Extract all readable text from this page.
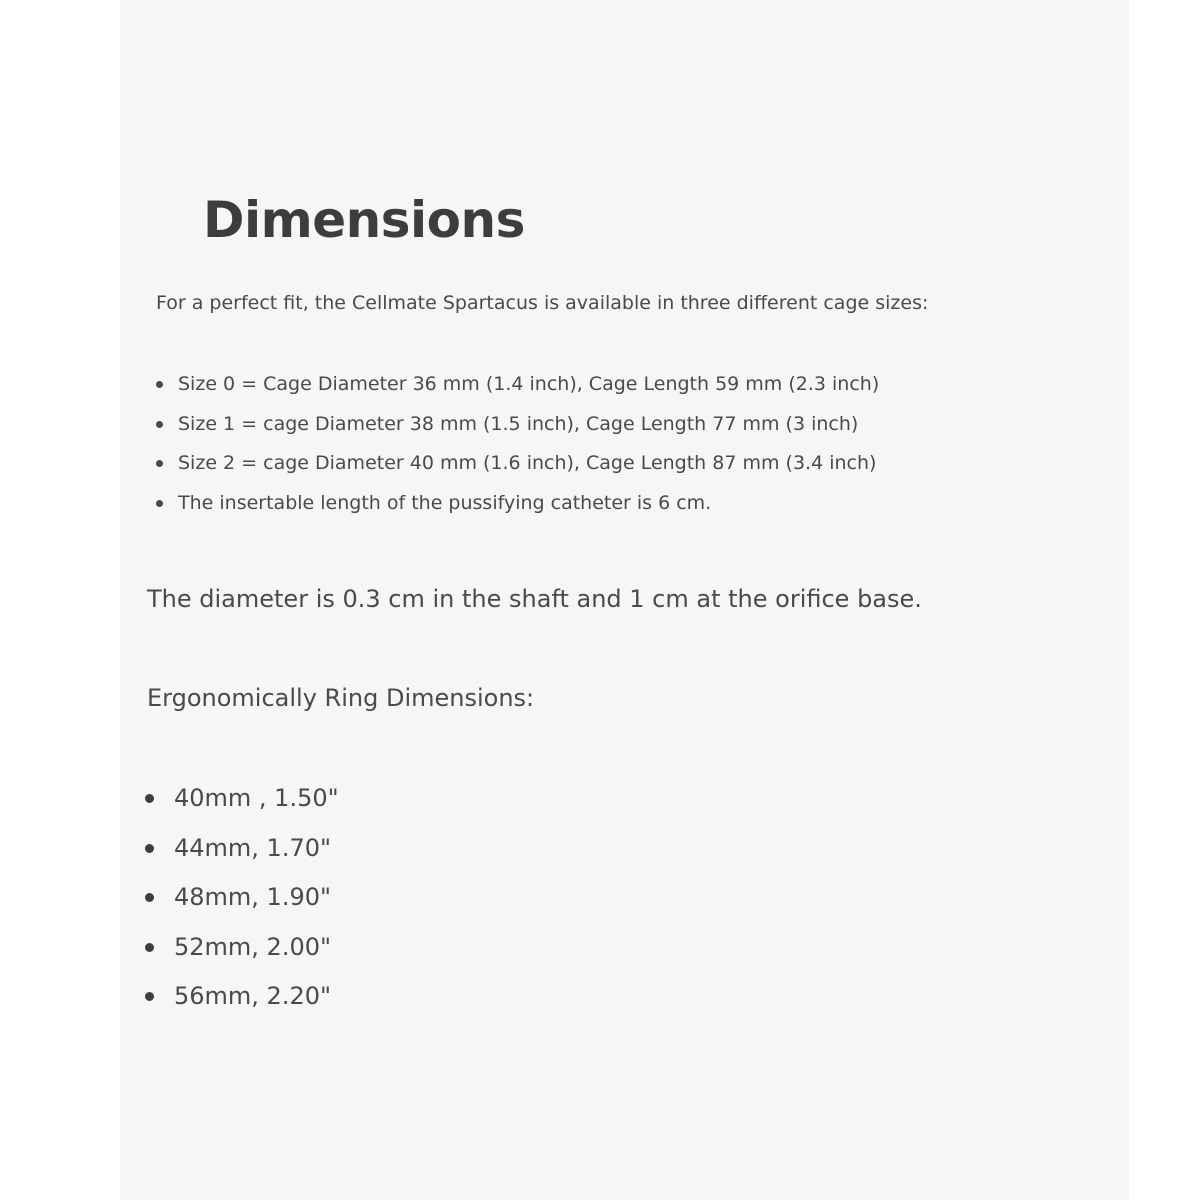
Dimensions

For a perfect fit, the Cellmate Spartacus is available in three different cage sizes:

Size 0 = Cage Diameter 36 mm (1.4 inch), Cage Length 59 mm (2.3 inch)
Size 1 = cage Diameter 38 mm (1.5 inch), Cage Length 77 mm (3 inch)
Size 2 = cage Diameter 40 mm (1.6 inch), Cage Length 87 mm (3.4 inch)
The insertable length of the pussifying catheter is 6 cm.

The diameter is 0.3 cm in the shaft and 1 cm at the orifice base.

Ergonomically Ring Dimensions:

40mm , 1.50"
44mm, 1.70"
48mm, 1.90"
52mm, 2.00"
56mm, 2.20"
